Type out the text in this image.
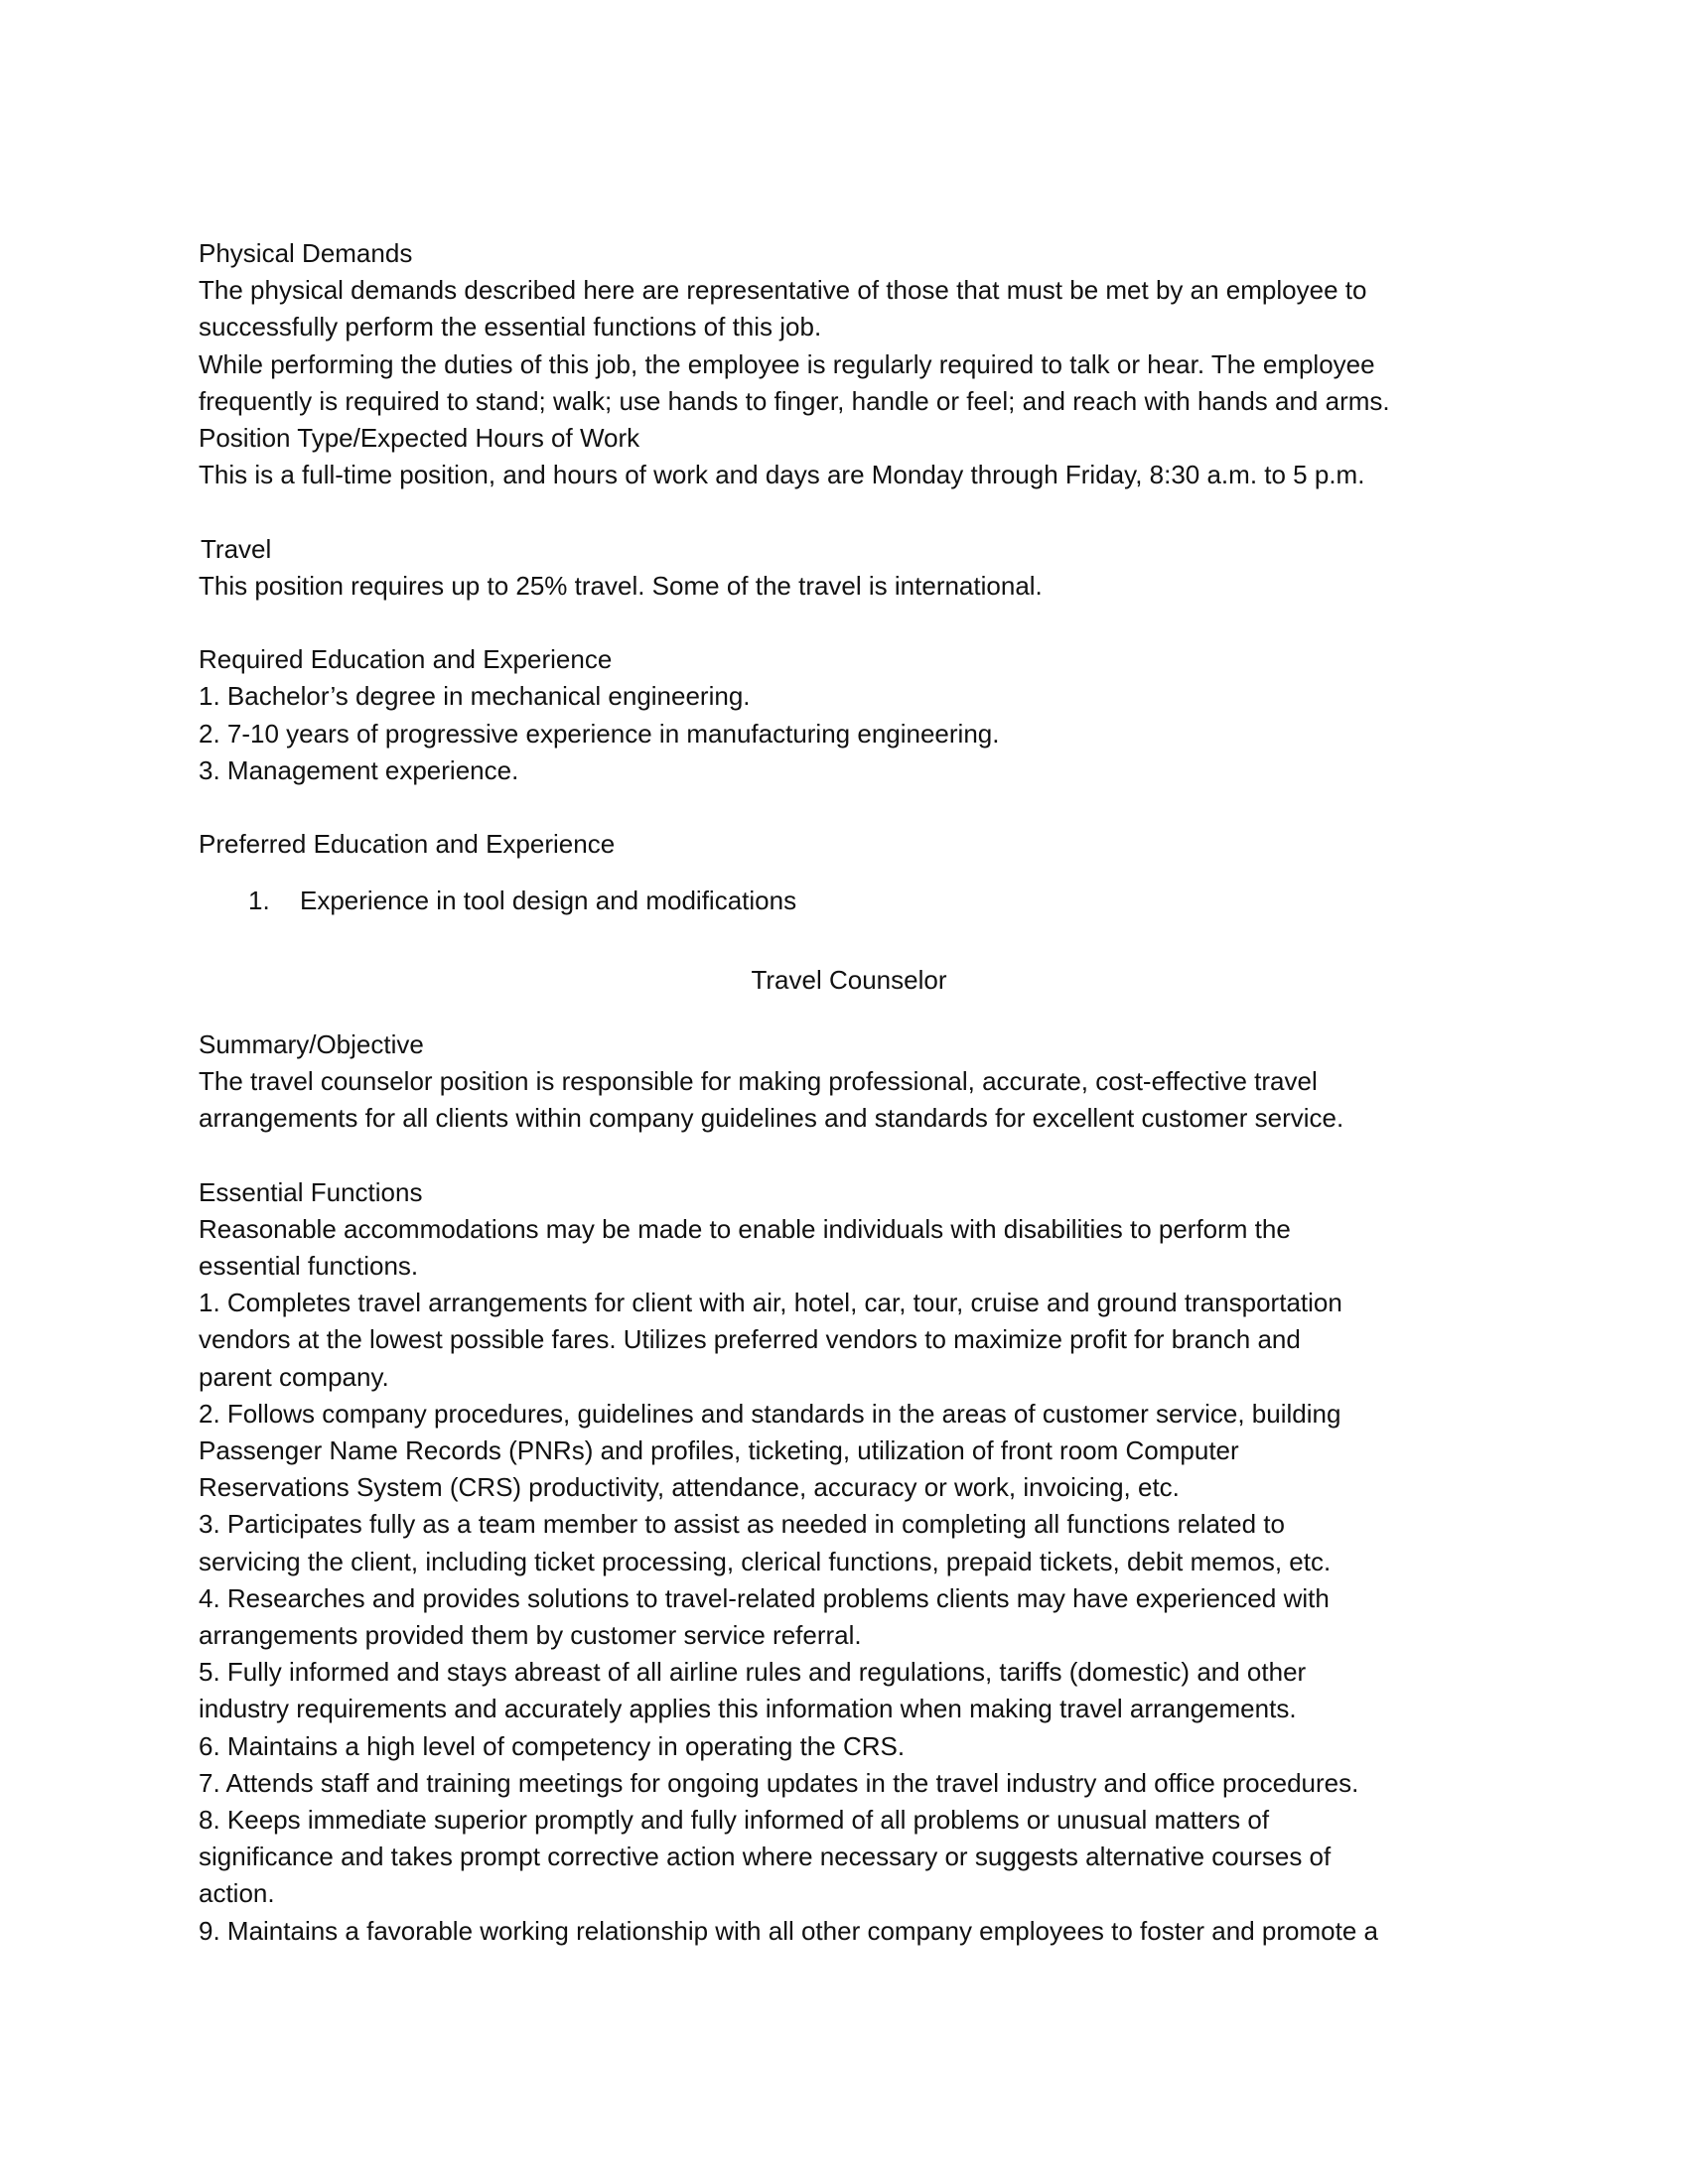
Physical Demands
The physical demands described here are representative of those that must be met by an employee to
successfully perform the essential functions of this job.
While performing the duties of this job, the employee is regularly required to talk or hear. The employee
frequently is required to stand; walk; use hands to finger, handle or feel; and reach with hands and arms.
Position Type/Expected Hours of Work
This is a full-time position, and hours of work and days are Monday through Friday, 8:30 a.m. to 5 p.m.
Travel
This position requires up to 25% travel. Some of the travel is international.
Required Education and Experience
1. Bachelor’s degree in mechanical engineering.
2. 7-10 years of progressive experience in manufacturing engineering.
3. Management experience.
Preferred Education and Experience
1. Experience in tool design and modifications
Travel Counselor
Summary/Objective
The travel counselor position is responsible for making professional, accurate, cost-effective travel
arrangements for all clients within company guidelines and standards for excellent customer service.
Essential Functions
Reasonable accommodations may be made to enable individuals with disabilities to perform the
essential functions.
1. Completes travel arrangements for client with air, hotel, car, tour, cruise and ground transportation
vendors at the lowest possible fares. Utilizes preferred vendors to maximize profit for branch and
parent company.
2. Follows company procedures, guidelines and standards in the areas of customer service, building
Passenger Name Records (PNRs) and profiles, ticketing, utilization of front room Computer
Reservations System (CRS) productivity, attendance, accuracy or work, invoicing, etc.
3. Participates fully as a team member to assist as needed in completing all functions related to
servicing the client, including ticket processing, clerical functions, prepaid tickets, debit memos, etc.
4. Researches and provides solutions to travel-related problems clients may have experienced with
arrangements provided them by customer service referral.
5. Fully informed and stays abreast of all airline rules and regulations, tariffs (domestic) and other
industry requirements and accurately applies this information when making travel arrangements.
6. Maintains a high level of competency in operating the CRS.
7. Attends staff and training meetings for ongoing updates in the travel industry and office procedures.
8. Keeps immediate superior promptly and fully informed of all problems or unusual matters of
significance and takes prompt corrective action where necessary or suggests alternative courses of
action.
9. Maintains a favorable working relationship with all other company employees to foster and promote a
